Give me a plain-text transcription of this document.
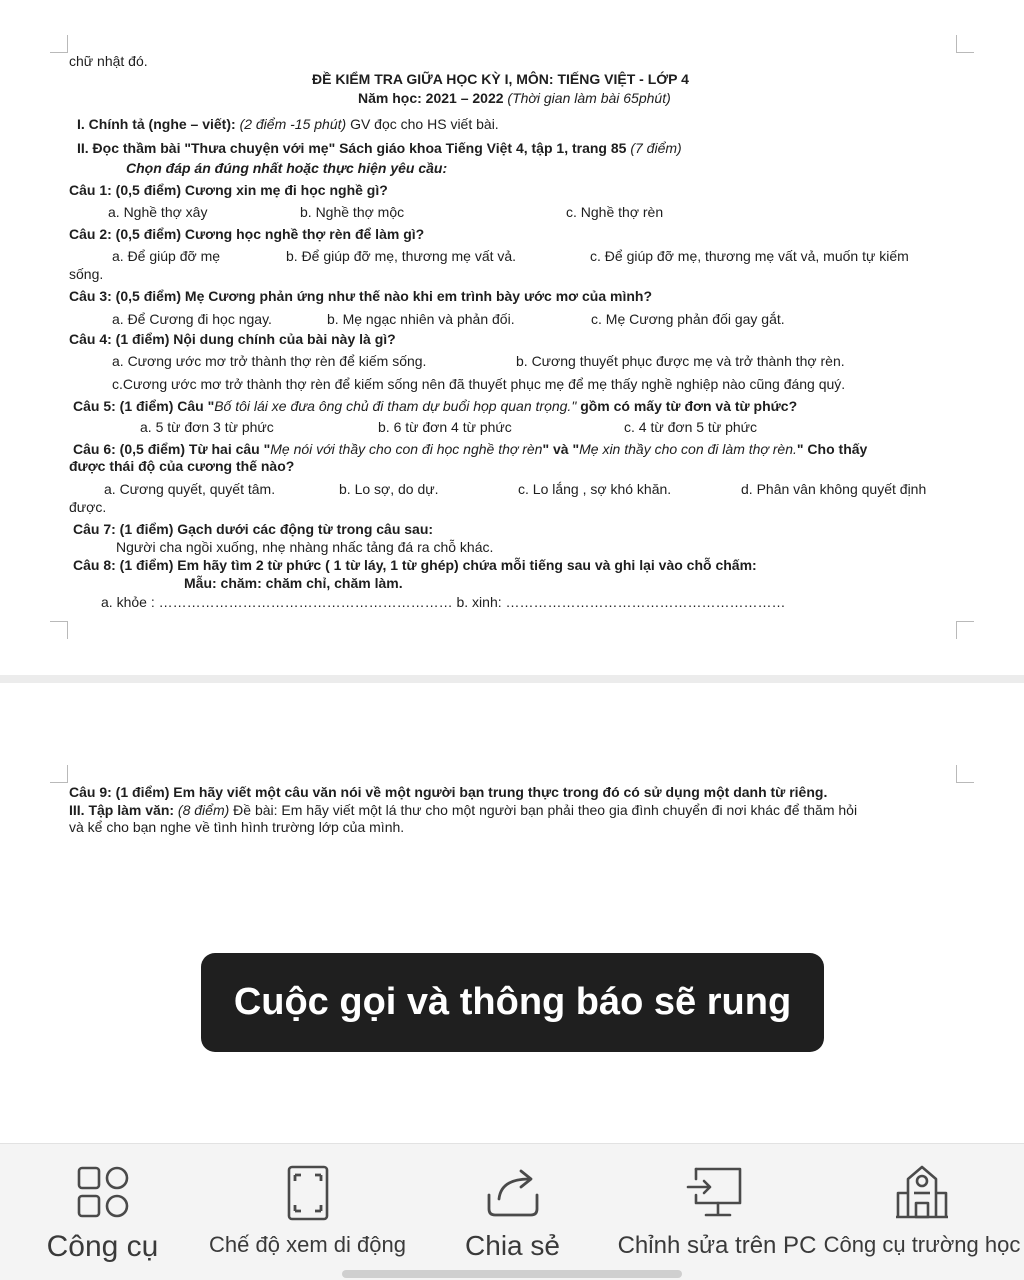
chữ nhật đó.
ĐỀ KIỂM TRA GIỮA HỌC KỲ I, MÔN: TIẾNG VIỆT - LỚP 4
Năm học: 2021 – 2022 (Thời gian làm bài 65phút)
I. Chính tả (nghe – viết): (2 điểm -15 phút) GV đọc cho HS viết bài.
II. Đọc thầm bài "Thưa chuyện với mẹ" Sách giáo khoa Tiếng Việt 4, tập 1, trang 85 (7 điểm)
Chọn đáp án đúng nhất hoặc thực hiện yêu cầu:
Câu 1: (0,5 điểm) Cương xin mẹ đi học nghề gì?
a. Nghề thợ xây	b. Nghề thợ mộc	c. Nghề thợ rèn
Câu 2: (0,5 điểm) Cương học nghề thợ rèn để làm gì?
a. Để giúp đỡ mẹ	b. Để giúp đỡ mẹ, thương mẹ vất vả.	c. Để giúp đỡ mẹ, thương mẹ vất vả, muốn tự kiếm
sống.
Câu 3: (0,5 điểm) Mẹ Cương phản ứng như thế nào khi em trình bày ước mơ của mình?
a. Để Cương đi học ngay.	b. Mẹ ngạc nhiên và phản đối.	c. Mẹ Cương phản đối gay gắt.
Câu 4: (1 điểm) Nội dung chính của bài này là gì?
a. Cương ước mơ trở thành thợ rèn để kiếm sống.	b. Cương thuyết phục được mẹ và trở thành thợ rèn.
c.Cương ước mơ trở thành thợ rèn để kiếm sống nên đã thuyết phục mẹ để mẹ thấy nghề nghiệp nào cũng đáng quý.
Câu 5: (1 điểm) Câu "Bố tôi lái xe đưa ông chủ đi tham dự buổi họp quan trọng." gồm có mấy từ đơn và từ phức?
a. 5 từ đơn 3 từ phức	b. 6 từ đơn 4 từ phức	c. 4 từ đơn 5 từ phức
Câu 6: (0,5 điểm) Từ hai câu "Mẹ nói với thầy cho con đi học nghề thợ rèn" và "Mẹ xin thầy cho con đi làm thợ rèn." Cho thấy
được thái độ của cương thế nào?
a. Cương quyết, quyết tâm.	b. Lo sợ, do dự.	c. Lo lắng , sợ khó khăn.	d. Phân vân không quyết định
được.
Câu 7: (1 điểm) Gạch dưới các động từ trong câu sau:
Người cha ngồi xuống, nhẹ nhàng nhấc tảng đá ra chỗ khác.
Câu 8: (1 điểm) Em hãy tìm 2 từ phức ( 1 từ láy, 1 từ ghép) chứa mỗi tiếng sau và ghi lại vào chỗ chấm:
Mẫu: chăm: chăm chỉ, chăm làm.
a. khỏe : ……………………………………………………… b. xinh: ……………………………………………………
Câu 9: (1 điểm) Em hãy viết một câu văn nói về một người bạn trung thực trong đó có sử dụng một danh từ riêng.
III. Tập làm văn: (8 điểm) Đề bài: Em hãy viết một lá thư cho một người bạn phải theo gia đình chuyển đi nơi khác để thăm hỏi
và kể cho bạn nghe về tình hình trường lớp của mình.
Cuộc gọi và thông báo sẽ rung
Công cụ Chế độ xem di động Chia sẻ Chỉnh sửa trên PC Công cụ trường học
